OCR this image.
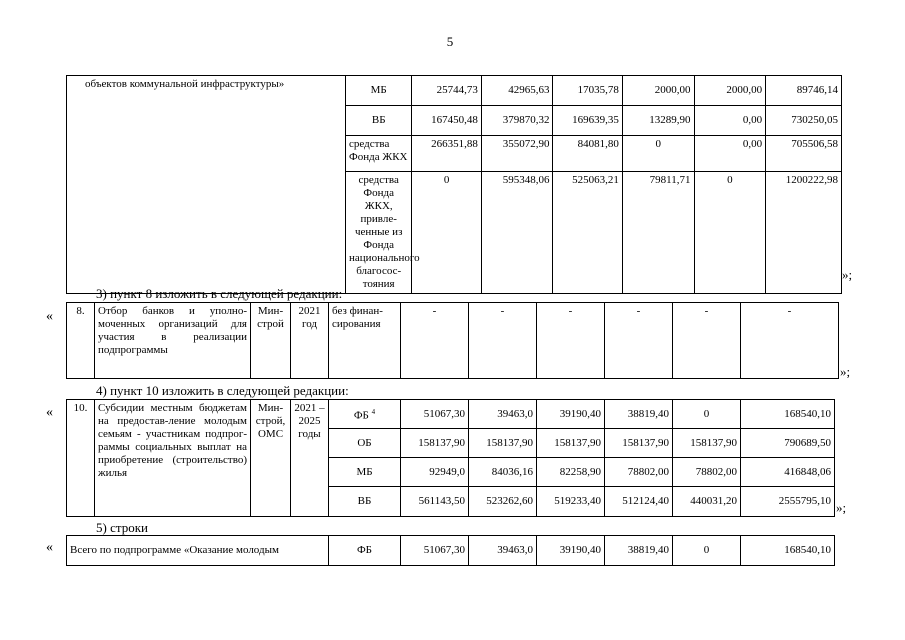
5
объектов коммунальной инфраструктуры»	МБ	25744,73	42965,63	17035,78	2000,00	2000,00	89746,14
	ВБ	167450,48	379870,32	169639,35	13289,90	0,00	730250,05
	средства Фонда ЖКХ	266351,88	355072,90	84081,80	0	0,00	705506,58
	средства Фонда ЖКХ, привле-ченные из Фонда национального благосос-тояния	0	595348,06	525063,21	79811,71	0	1200222,98
»;
3) пункт 8 изложить в следующей редакции:
« 8.	Отбор банков и уполно-моченных организаций для участия в реализации подпрограммы	Мин-строй	2021 год	без финан-сирования	-	-	-	-	-	-
»;
4) пункт 10 изложить в следующей редакции:
« 10.	Субсидии местным бюджетам на предостав-ление молодым семьям - участникам подпрог-раммы социальных выплат на приобретение (строительство) жилья	Мин-строй, ОМС	2021 – 2025 годы	ФБ $^4$	51067,30	39463,0	39190,40	38819,40	0	168540,10
				ОБ	158137,90	158137,90	158137,90	158137,90	158137,90	790689,50
				МБ	92949,0	84036,16	82258,90	78802,00	78802,00	416848,06
				ВБ	561143,50	523262,60	519233,40	512124,40	440031,20	2555795,10 »;
5) строки
« Всего по подпрограмме «Оказание молодым	ФБ	51067,30	39463,0	39190,40	38819,40	0	168540,10
